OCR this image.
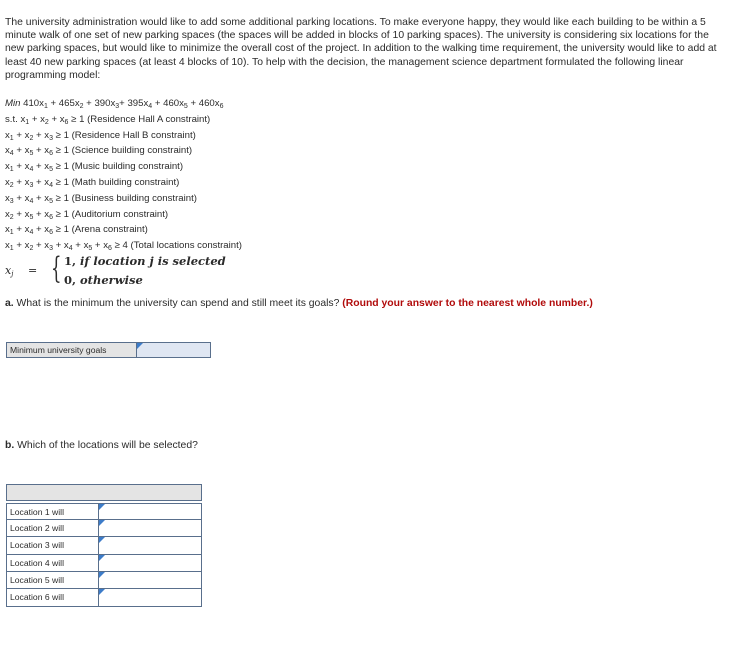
The university administration would like to add some additional parking locations. To make everyone happy, they would like each building to be within a 5 minute walk of one set of new parking spaces (the spaces will be added in blocks of 10 parking spaces). The university is considering six locations for the new parking spaces, but would like to minimize the overall cost of the project. In addition to the walking time requirement, the university would like to add at least 40 new parking spaces (at least 4 blocks of 10). To help with the decision, the management science department formulated the following linear programming model:

Min $410x_1 + 465x_2 + 390x_3+ 395x_4 + 460x_5 + 460x_6$
s.t. $x_1 + x_2 + x_6 \ge 1$ (Residence Hall A constraint)
$x_1 + x_2 + x_3 \ge 1$ (Residence Hall B constraint)
$x_4 + x_5 + x_6 \ge 1$ (Science building constraint)
$x_1 + x_4 + x_5 \ge 1$ (Music building constraint)
$x_2 + x_3 + x_4 \ge 1$ (Math building constraint)
$x_3 + x_4 + x_5 \ge 1$ (Business building constraint)
$x_2 + x_5 + x_6 \ge 1$ (Auditorium constraint)
$x_1 + x_4 + x_6 \ge 1$ (Arena constraint)
$x_1 + x_2 + x_3 + x_4 + x_5 + x_6 \ge 4$ (Total locations constraint)
$x_j$ = { 1, if location j is selected
0, otherwise
a. What is the minimum the university can spend and still meet its goals? (Round your answer to the nearest whole number.)
Minimum university goals
b. Which of the locations will be selected?
Location 1 will
Location 2 will
Location 3 will
Location 4 will
Location 5 will
Location 6 will
